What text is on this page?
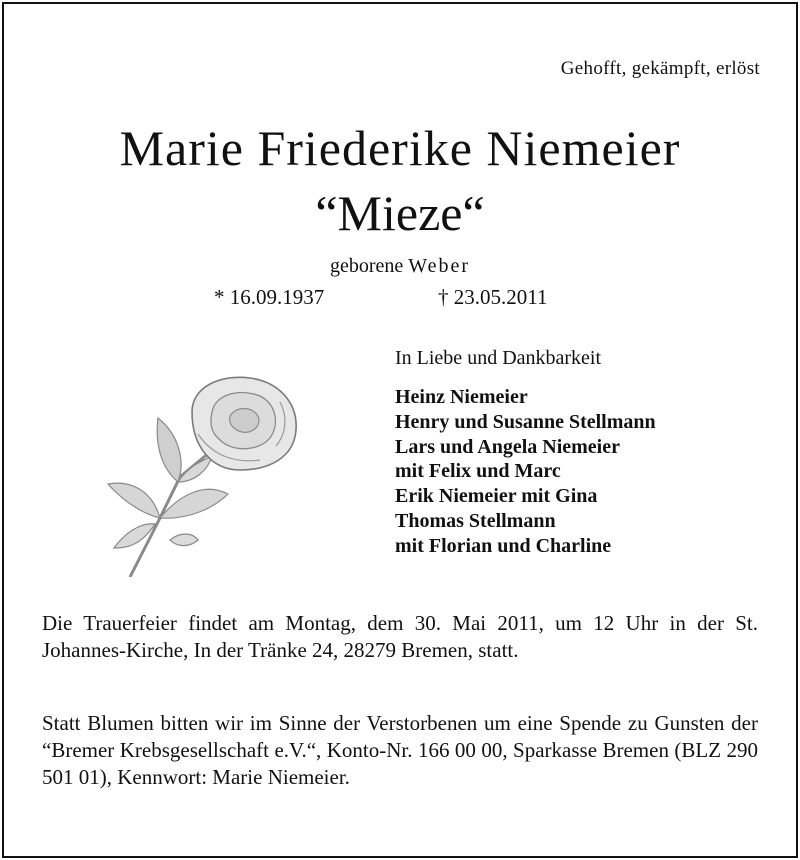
Gehofft, gekämpft, erlöst
Marie Friederike Niemeier
“Mieze“
geborene Weber
* 16.09.1937	† 23.05.2011
In Liebe und Dankbarkeit
Heinz Niemeier
Henry und Susanne Stellmann
Lars und Angela Niemeier
mit Felix und Marc
Erik Niemeier mit Gina
Thomas Stellmann
mit Florian und Charline

Die Trauerfeier findet am Montag, dem 30. Mai 2011, um 12 Uhr in der St. Johannes-Kirche, In der Tränke 24, 28279 Bremen, statt.

Statt Blumen bitten wir im Sinne der Verstorbenen um eine Spende zu Gunsten der “Bremer Krebsgesellschaft e.V.“, Konto-Nr. 166 00 00, Sparkasse Bremen (BLZ 290 501 01), Kennwort: Marie Niemeier.
